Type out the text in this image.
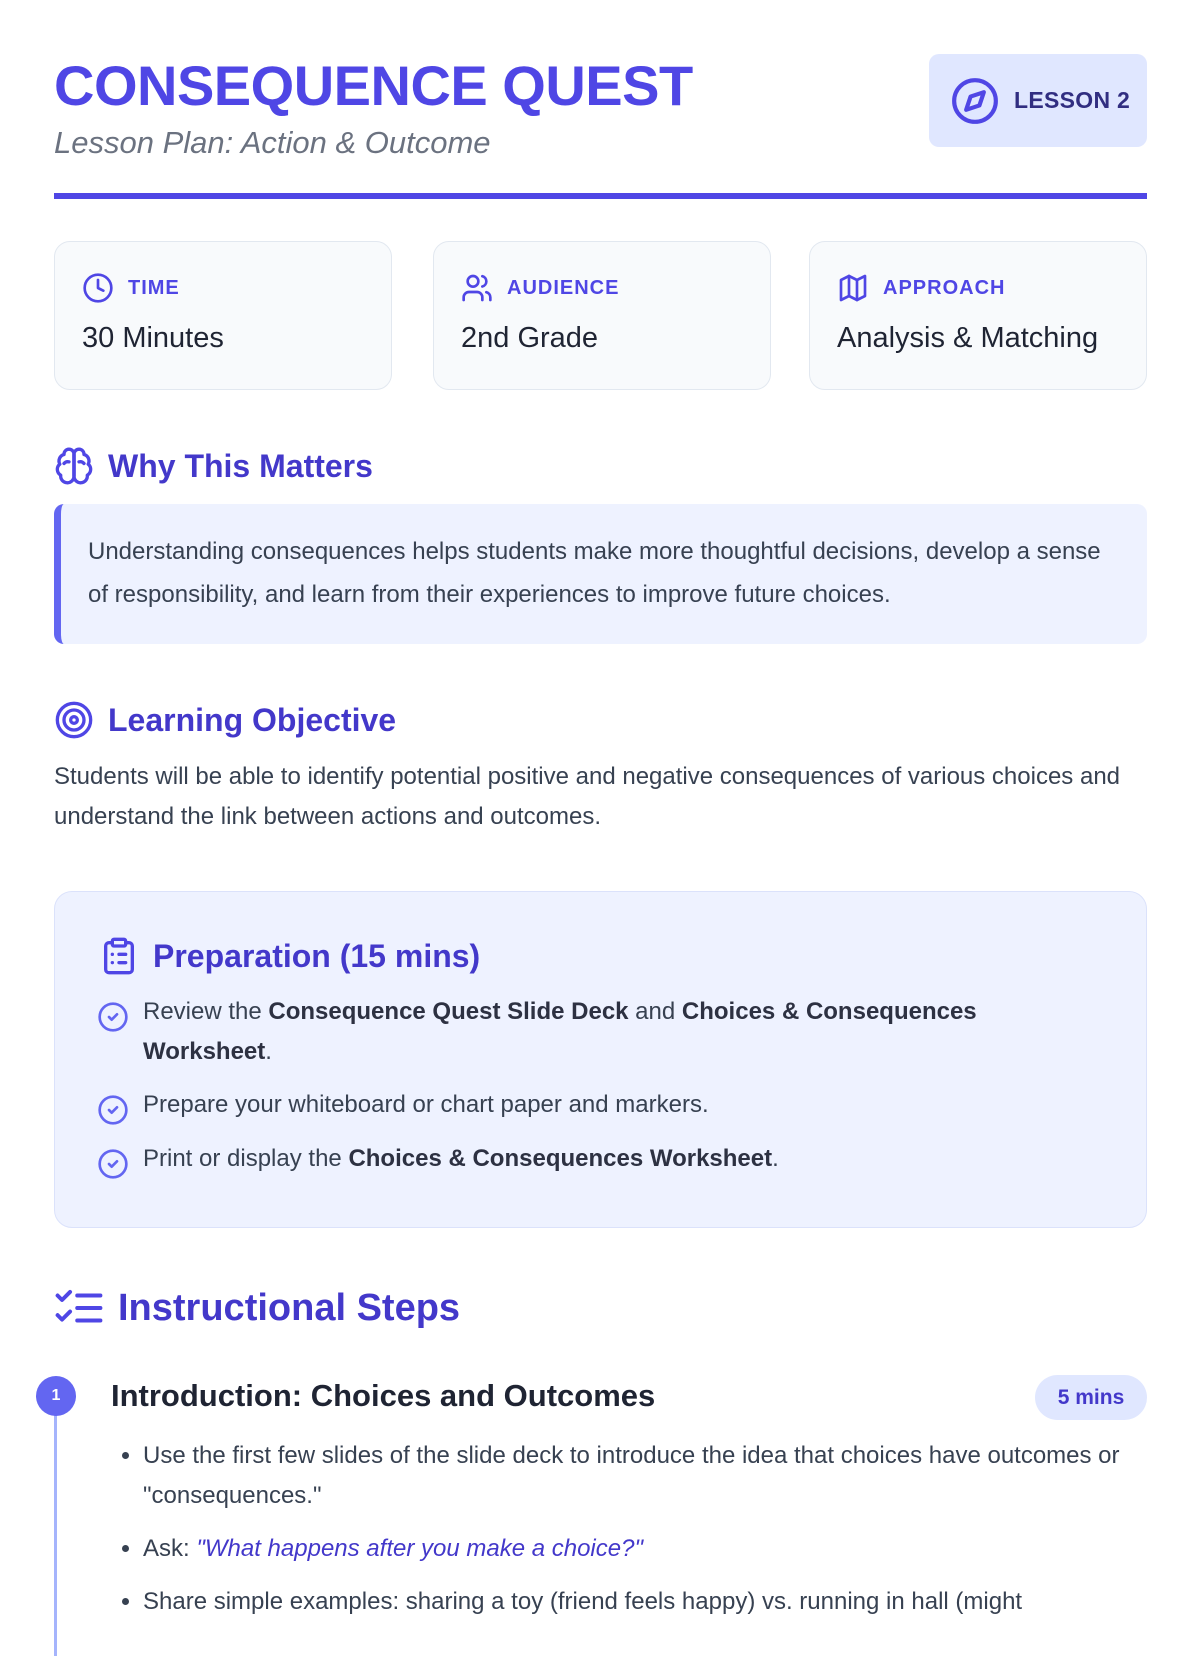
CONSEQUENCE QUEST
Lesson Plan: Action & Outcome
LESSON 2
TIME
30 Minutes
AUDIENCE
2nd Grade
APPROACH
Analysis & Matching
Why This Matters
Understanding consequences helps students make more thoughtful decisions, develop a sense of responsibility, and learn from their experiences to improve future choices.
Learning Objective
Students will be able to identify potential positive and negative consequences of various choices and understand the link between actions and outcomes.
Preparation (15 mins)
Review the Consequence Quest Slide Deck and Choices & Consequences Worksheet.
Prepare your whiteboard or chart paper and markers.
Print or display the Choices & Consequences Worksheet.
Instructional Steps
1	Introduction: Choices and Outcomes	5 mins
• Use the first few slides of the slide deck to introduce the idea that choices have outcomes or "consequences."
• Ask: "What happens after you make a choice?"
• Share simple examples: sharing a toy (friend feels happy) vs. running in hall (might
